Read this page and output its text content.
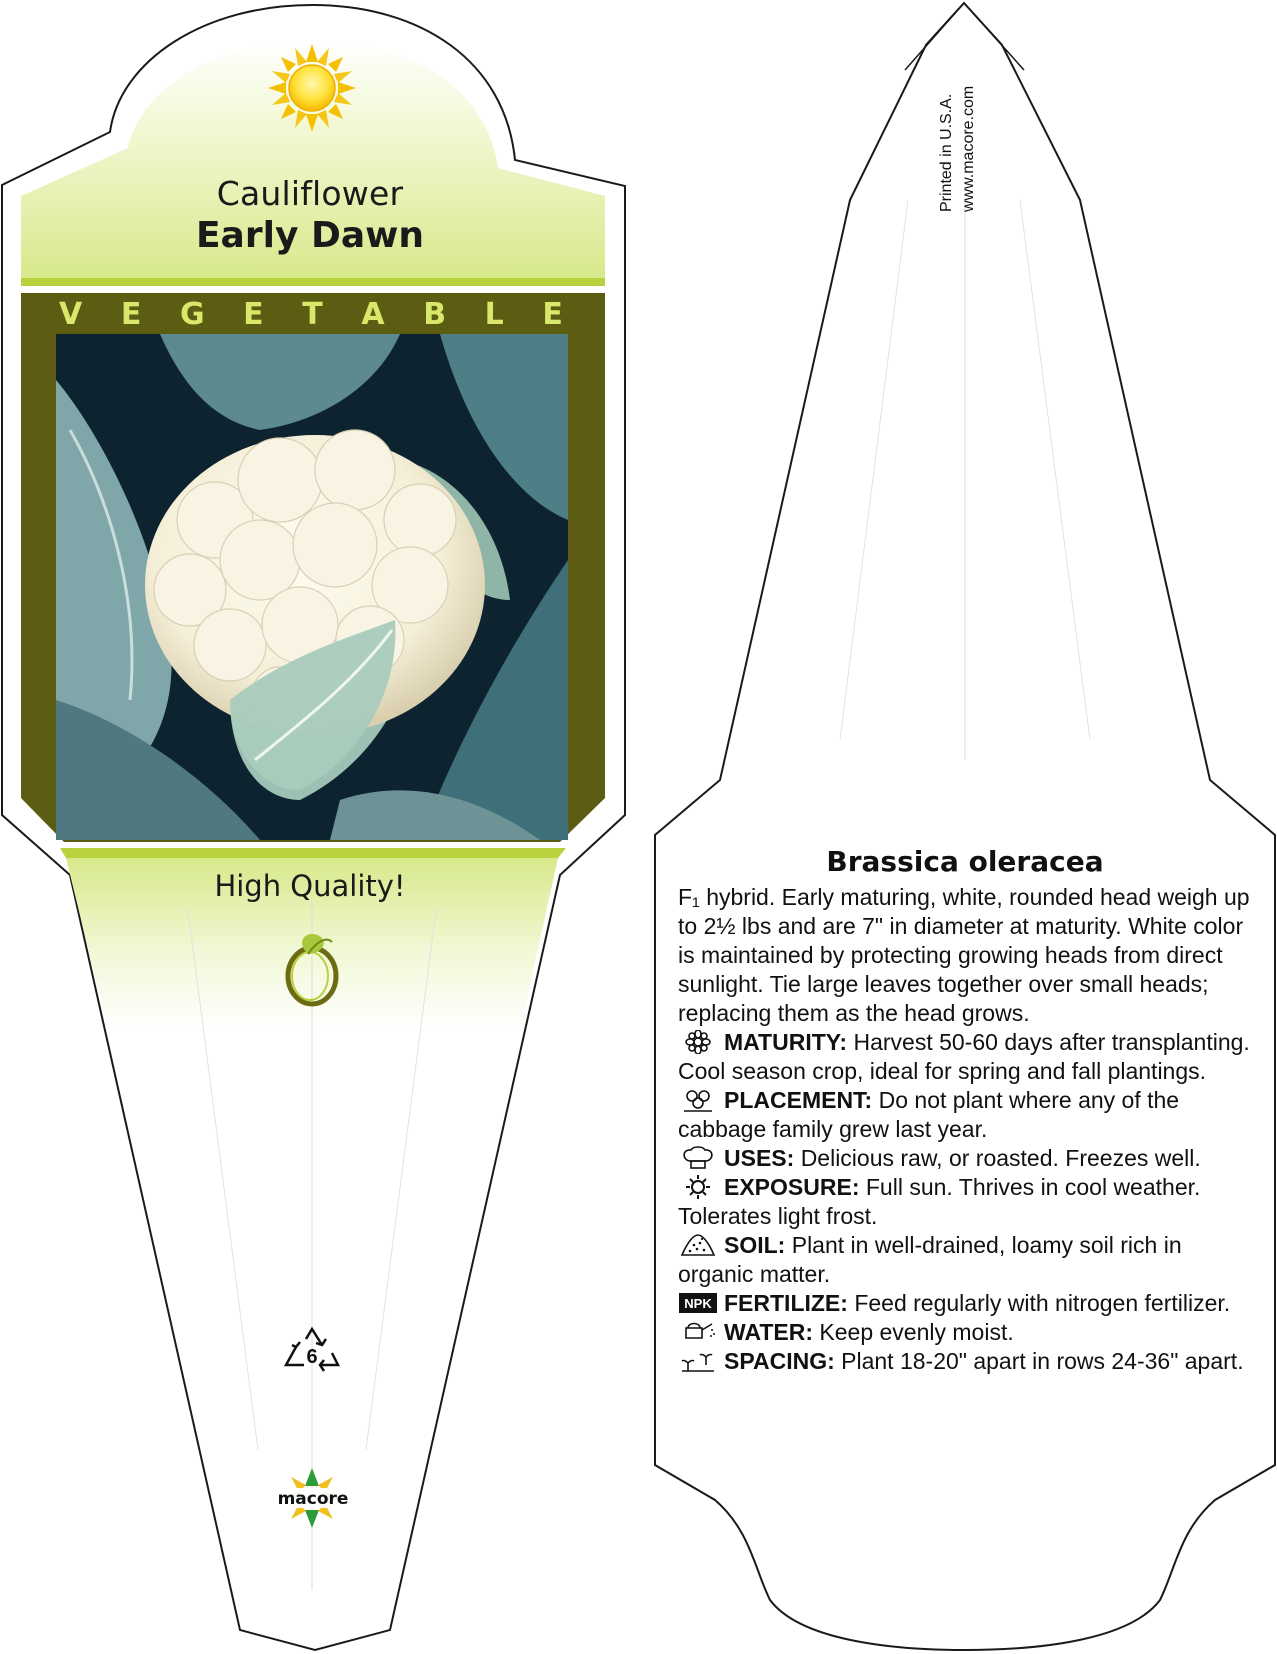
Cauliflower
Early Dawn
V E G E T A B L E
High Quality!
6
macore
Printed in U.S.A. www.macore.com
Brassica oleracea

F₁ hybrid. Early maturing, white, rounded head weigh up to 2½ lbs and are 7" in diameter at maturity. White color is maintained by protecting growing heads from direct sunlight. Tie large leaves together over small heads; replacing them as the head grows.

MATURITY: Harvest 50-60 days after transplanting. Cool season crop, ideal for spring and fall plantings.

PLACEMENT: Do not plant where any of the cabbage family grew last year.

USES: Delicious raw, or roasted. Freezes well.

EXPOSURE: Full sun. Thrives in cool weather. Tolerates light frost.

SOIL: Plant in well-drained, loamy soil rich in organic matter.

NPK FERTILIZE: Feed regularly with nitrogen fertilizer.

WATER: Keep evenly moist.

SPACING: Plant 18-20" apart in rows 24-36" apart.
